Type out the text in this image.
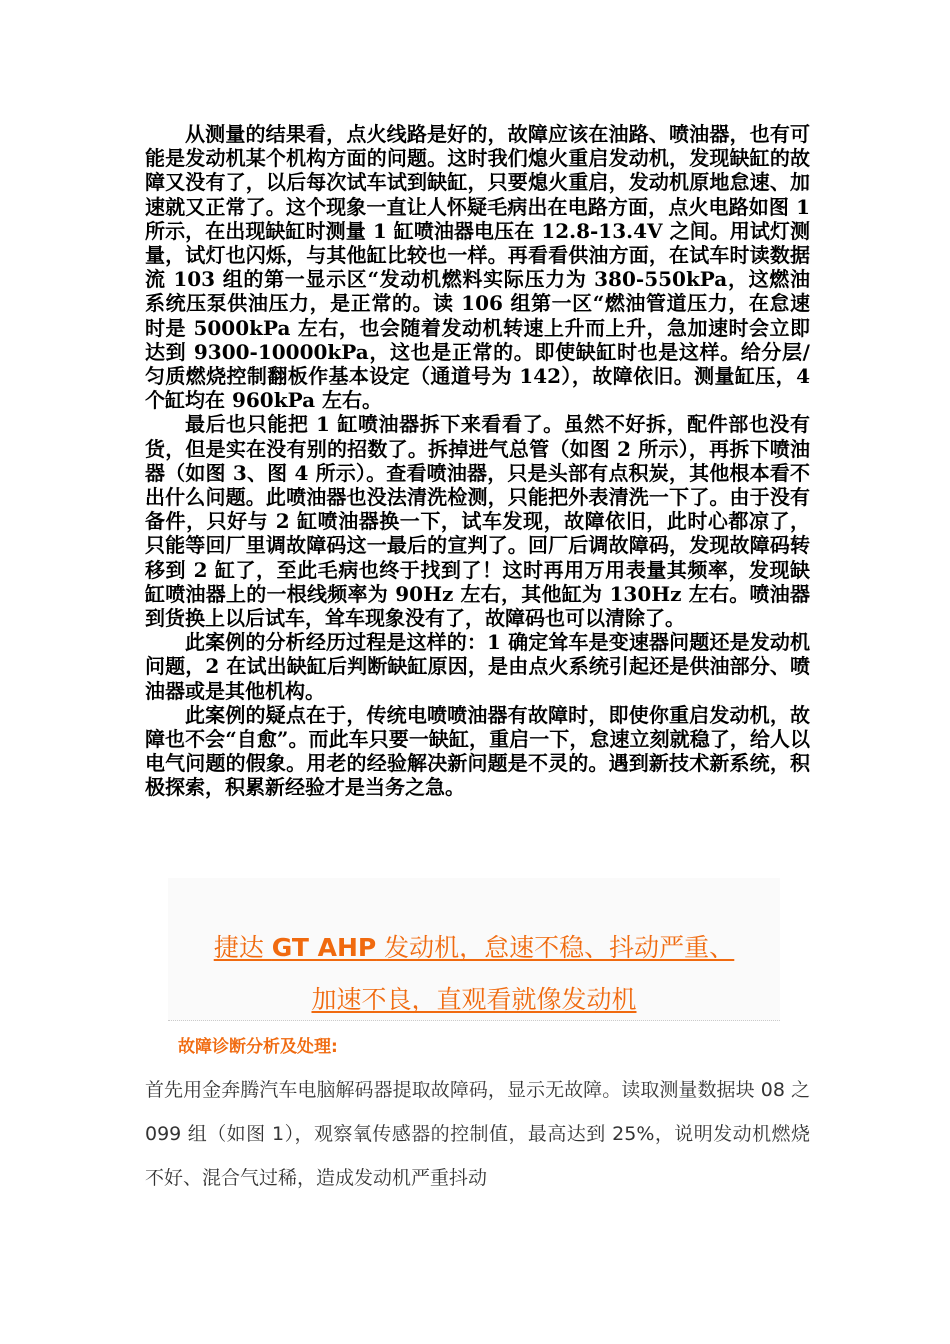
从测量的结果看，点火线路是好的，故障应该在油路、喷油器，也有可能是发动机某个机构方面的问题。这时我们熄火重启发动机，发现缺缸的故障又没有了，以后每次试车试到缺缸，只要熄火重启，发动机原地怠速、加速就又正常了。这个现象一直让人怀疑毛病出在电路方面，点火电路如图 1 所示，在出现缺缸时测量 1 缸喷油器电压在 12.8-13.4V 之间。用试灯测量，试灯也闪烁，与其他缸比较也一样。再看看供油方面，在试车时读数据流 103 组的第一显示区“发动机燃料实际压力为 380-550kPa，这燃油系统压泵供油压力，是正常的。读 106 组第一区“燃油管道压力，在怠速时是 5000kPa 左右，也会随着发动机转速上升而上升，急加速时会立即达到 9300-10000kPa，这也是正常的。即使缺缸时也是这样。给分层/匀质燃烧控制翻板作基本设定（通道号为 142），故障依旧。测量缸压，4 个缸均在 960kPa 左右。

最后也只能把 1 缸喷油器拆下来看看了。虽然不好拆，配件部也没有货，但是实在没有别的招数了。拆掉进气总管（如图 2 所示），再拆下喷油器（如图 3、图 4 所示）。查看喷油器，只是头部有点积炭，其他根本看不出什么问题。此喷油器也没法清洗检测，只能把外表清洗一下了。由于没有备件，只好与 2 缸喷油器换一下，试车发现，故障依旧，此时心都凉了，只能等回厂里调故障码这一最后的宣判了。回厂后调故障码，发现故障码转移到 2 缸了，至此毛病也终于找到了！这时再用万用表量其频率，发现缺缸喷油器上的一根线频率为 90Hz 左右，其他缸为 130Hz 左右。喷油器到货换上以后试车，耸车现象没有了，故障码也可以清除了。

此案例的分析经历过程是这样的：1 确定耸车是变速器问题还是发动机问题，2 在试出缺缸后判断缺缸原因，是由点火系统引起还是供油部分、喷油器或是其他机构。

此案例的疑点在于，传统电喷喷油器有故障时，即使你重启发动机，故障也不会“自愈”。而此车只要一缺缸，重启一下，怠速立刻就稳了，给人以电气问题的假象。用老的经验解决新问题是不灵的。遇到新技术新系统，积极探索，积累新经验才是当务之急。

捷达 GT AHP 发动机，怠速不稳、抖动严重、
加速不良，直观看就像发动机
故障诊断分析及处理:

首先用金奔腾汽车电脑解码器提取故障码，显示无故障。读取测量数据块 08 之 099 组（如图 1），观察氧传感器的控制值，最高达到 25%，说明发动机燃烧不好、混合气过稀，造成发动机严重抖动
